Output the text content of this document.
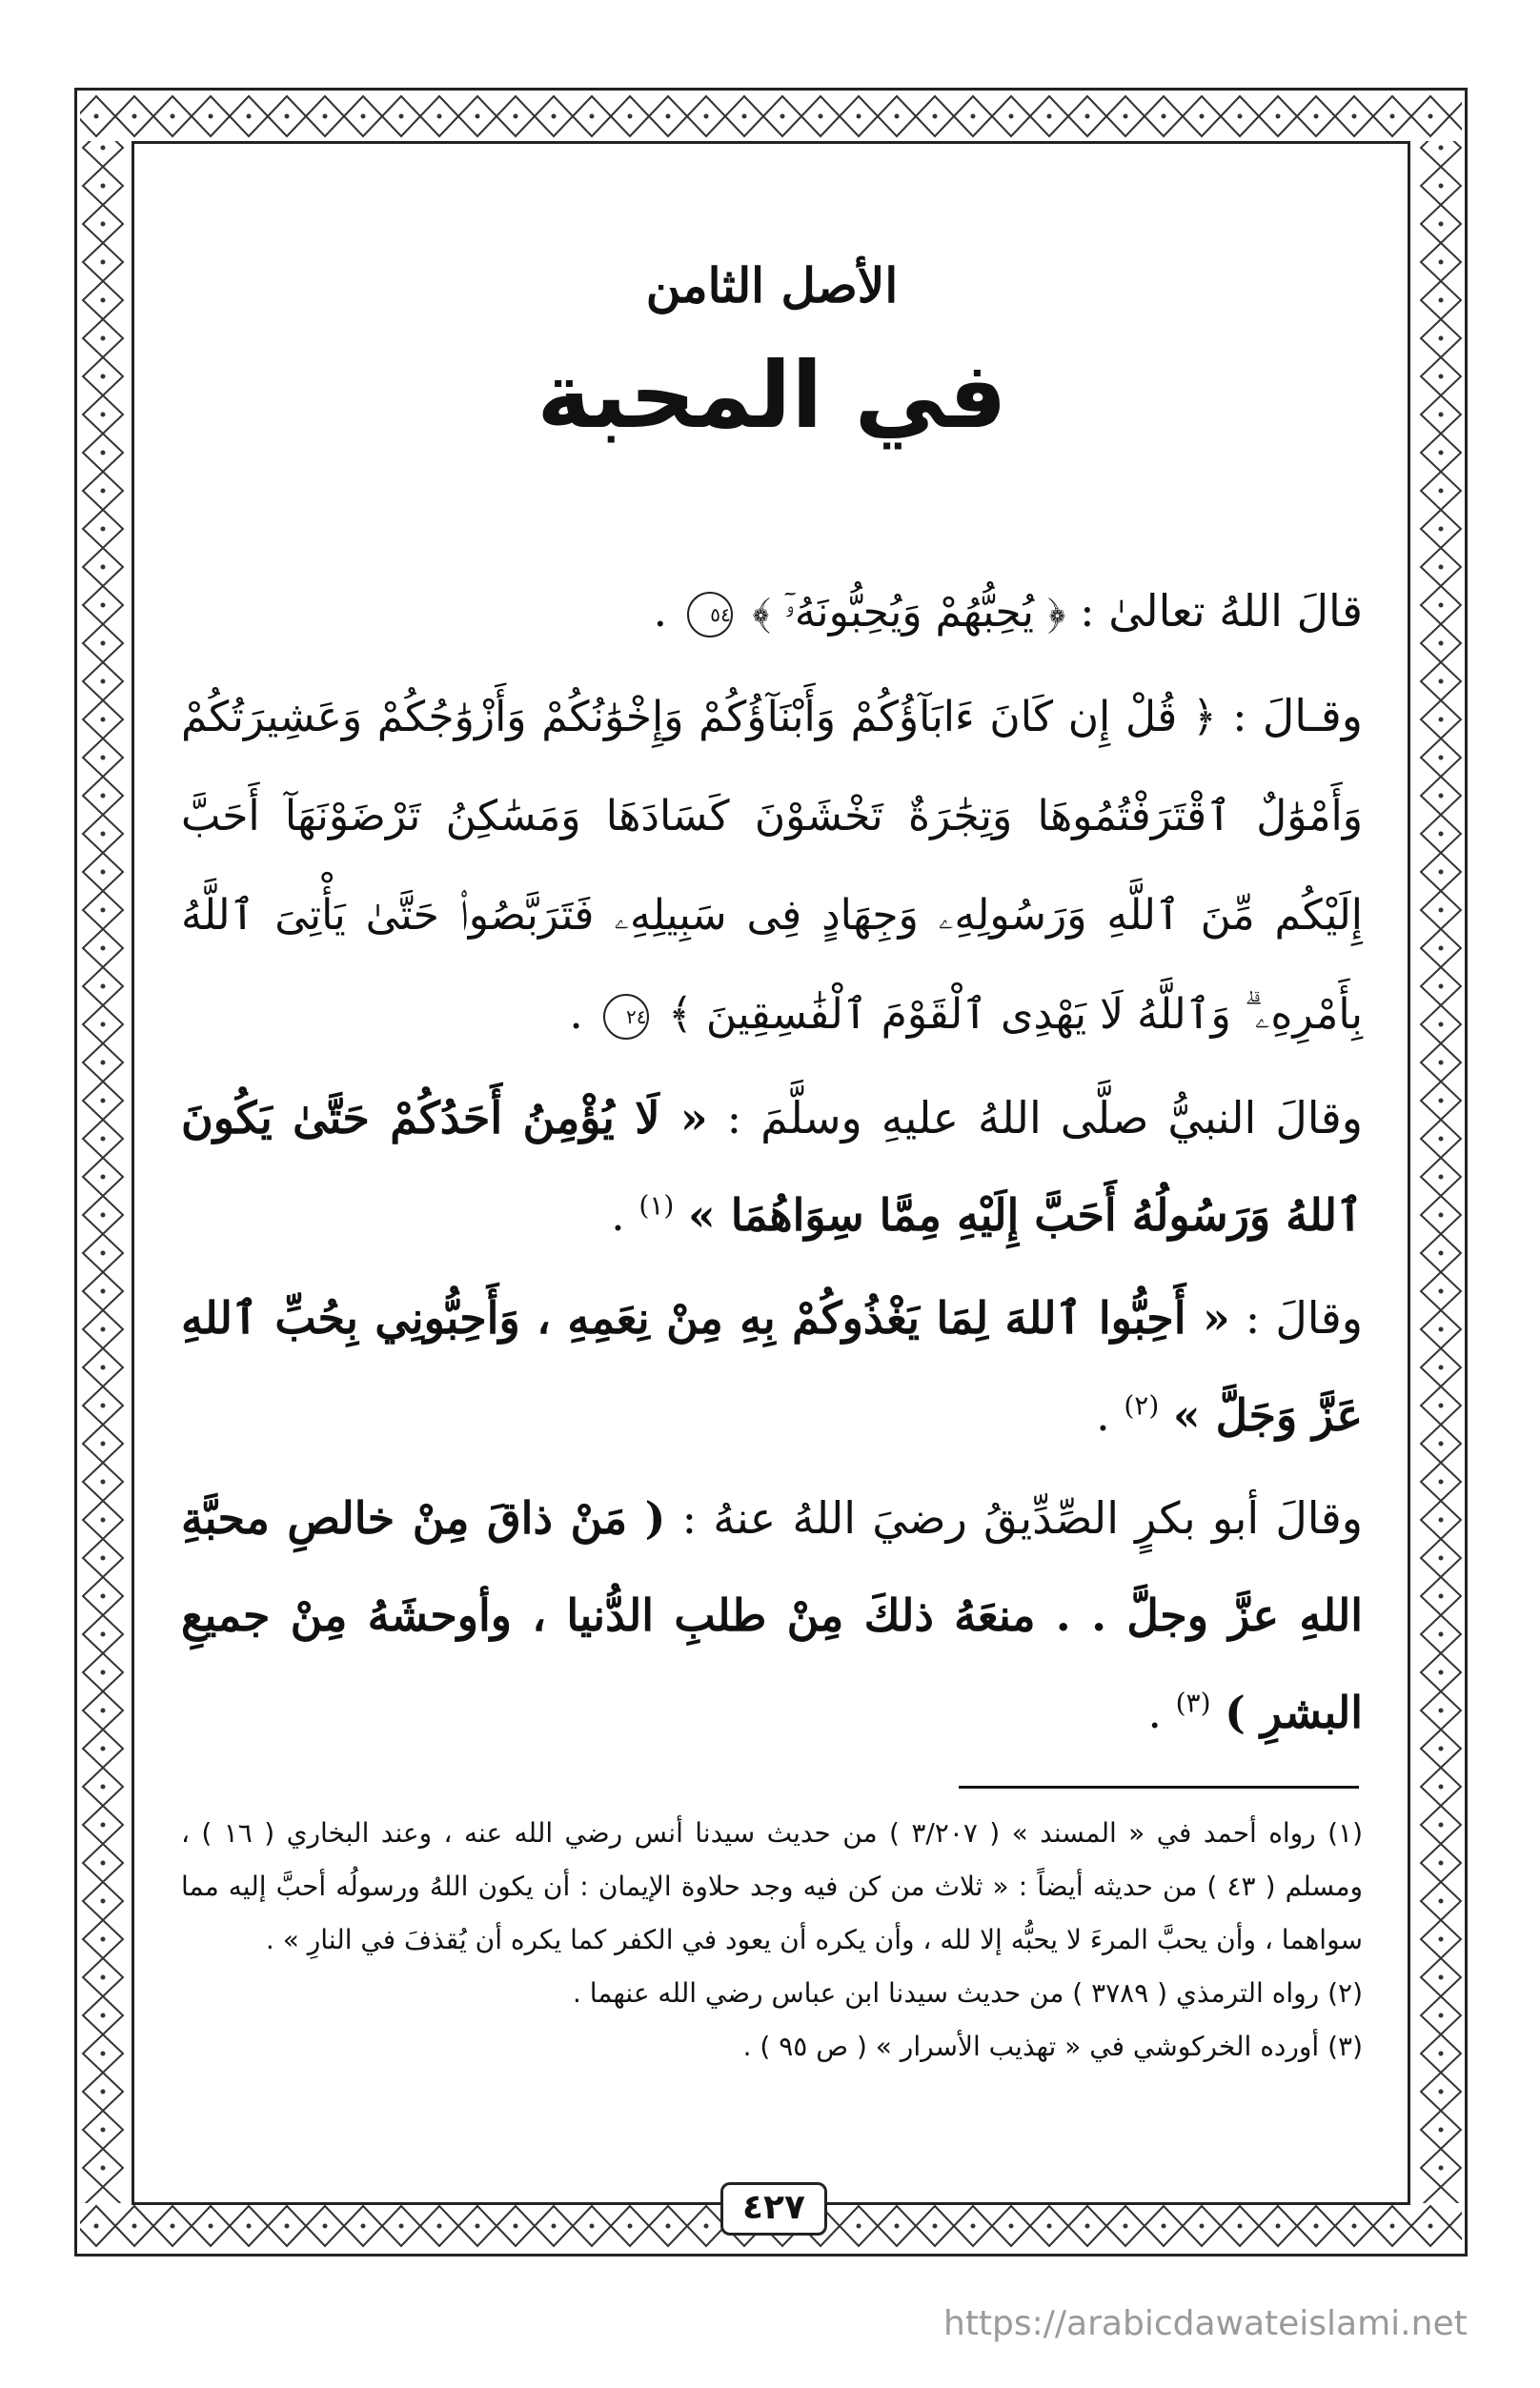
الأصل الثامن
في المحبة

قالَ اللهُ تعالىٰ : ﴿ يُحِبُّهُمْ وَيُحِبُّونَهُۥٓ ﴾ ٥٤ .

وقـالَ : ﴿ قُلْ إِن كَانَ ءَابَآؤُكُمْ وَأَبْنَآؤُكُمْ وَإِخْوَٰنُكُمْ وَأَزْوَٰجُكُمْ وَعَشِيرَتُكُمْ وَأَمْوَٰلٌ ٱقْتَرَفْتُمُوهَا وَتِجَٰرَةٌ تَخْشَوْنَ كَسَادَهَا وَمَسَٰكِنُ تَرْضَوْنَهَآ أَحَبَّ إِلَيْكُم مِّنَ ٱللَّهِ وَرَسُولِهِۦ وَجِهَادٍ فِى سَبِيلِهِۦ فَتَرَبَّصُوا۟ حَتَّىٰ يَأْتِىَ ٱللَّهُ بِأَمْرِهِۦ ۗ وَٱللَّهُ لَا يَهْدِى ٱلْقَوْمَ ٱلْفَٰسِقِينَ ﴾ ٢٤ .

وقالَ النبيُّ صلَّى اللهُ عليهِ وسلَّمَ : « لَا يُؤْمِنُ أَحَدُكُمْ حَتَّىٰ يَكُونَ ٱللهُ وَرَسُولُهُ أَحَبَّ إِلَيْهِ مِمَّا سِوَاهُمَا » $^{(١)}$ .

وقالَ : « أَحِبُّوا ٱللهَ لِمَا يَغْذُوكُمْ بِهِ مِنْ نِعَمِهِ ، وَأَحِبُّونِي بِحُبِّ ٱللهِ عَزَّ وَجَلَّ » $^{(٢)}$ .

وقالَ أبو بكرٍ الصِّدِّيقُ رضيَ اللهُ عنهُ : ( مَنْ ذاقَ مِنْ خالصِ محبَّةِ اللهِ عزَّ وجلَّ . . منعَهُ ذلكَ مِنْ طلبِ الدُّنيا ، وأوحشَهُ مِنْ جميعِ البشرِ ) $^{(٣)}$ .

(١) رواه أحمد في « المسند » ( ٣/٢٠٧ ) من حديث سيدنا أنس رضي الله عنه ، وعند البخاري ( ١٦ ) ، ومسلم ( ٤٣ ) من حديثه أيضاً : « ثلاث من كن فيه وجد حلاوة الإيمان : أن يكون اللهُ ورسولُه أحبَّ إليه مما سواهما ، وأن يحبَّ المرءَ لا يحبُّه إلا لله ، وأن يكره أن يعود في الكفر كما يكره أن يُقذفَ في النارِ » .

(٢) رواه الترمذي ( ٣٧٨٩ ) من حديث سيدنا ابن عباس رضي الله عنهما .

(٣) أورده الخركوشي في « تهذيب الأسرار » ( ص ٩٥ ) .

٤٢٧
https://arabicdawateislami.net
